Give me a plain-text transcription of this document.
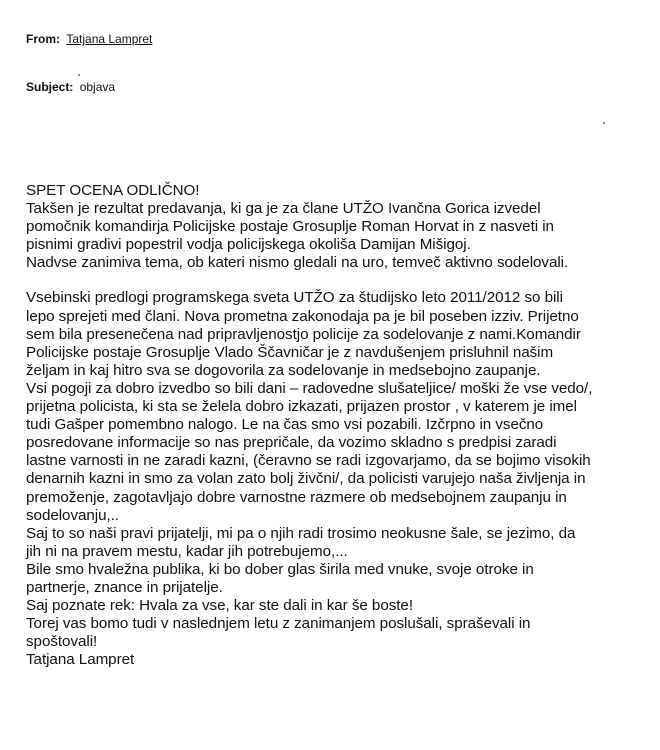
From: Tatjana Lampret
Subject: objava

SPET OCENA ODLIČNO!

Takšen je rezultat predavanja, ki ga je za člane UTŽO Ivančna Gorica izvedel
pomočnik komandirja Policijske postaje Grosuplje Roman Horvat in z nasveti in
pisnimi gradivi popestril vodja policijskega okoliša Damijan Mišigoj.
Nadvse zanimiva tema, ob kateri nismo gledali na uro, temveč aktivno sodelovali.

Vsebinski predlogi programskega sveta UTŽO za študijsko leto 2011/2012 so bili
lepo sprejeti med člani. Nova prometna zakonodaja pa je bil poseben izziv. Prijetno
sem bila presenečena nad pripravljenostjo policije za sodelovanje z nami.Komandir
Policijske postaje Grosuplje Vlado Ščavničar je z navdušenjem prisluhnil našim
željam in kaj hitro sva se dogovorila za sodelovanje in medsebojno zaupanje.

Vsi pogoji za dobro izvedbo so bili dani – radovedne slušateljice/ moški že vse vedo/,
prijetna policista, ki sta se želela dobro izkazati, prijazen prostor , v katerem je imel
tudi Gašper pomembno nalogo. Le na čas smo vsi pozabili. Izčrpno in vsečno
posredovane informacije so nas prepričale, da vozimo skladno s predpisi zaradi
lastne varnosti in ne zaradi kazni, (čeravno se radi izgovarjamo, da se bojimo visokih
denarnih kazni in smo za volan zato bolj živčni/, da policisti varujejo naša življenja in
premoženje, zagotavljajo dobre varnostne razmere ob medsebojnem zaupanju in
sodelovanju,..

Saj to so naši pravi prijatelji, mi pa o njih radi trosimo neokusne šale, se jezimo, da
jih ni na pravem mestu, kadar jih potrebujemo,...

Bile smo hvaležna publika, ki bo dober glas širila med vnuke, svoje otroke in
partnerje, znance in prijatelje.

Saj poznate rek: Hvala za vse, kar ste dali in kar še boste!

Torej vas bomo tudi v naslednjem letu z zanimanjem poslušali, spraševali in
spoštovali!

Tatjana Lampret
